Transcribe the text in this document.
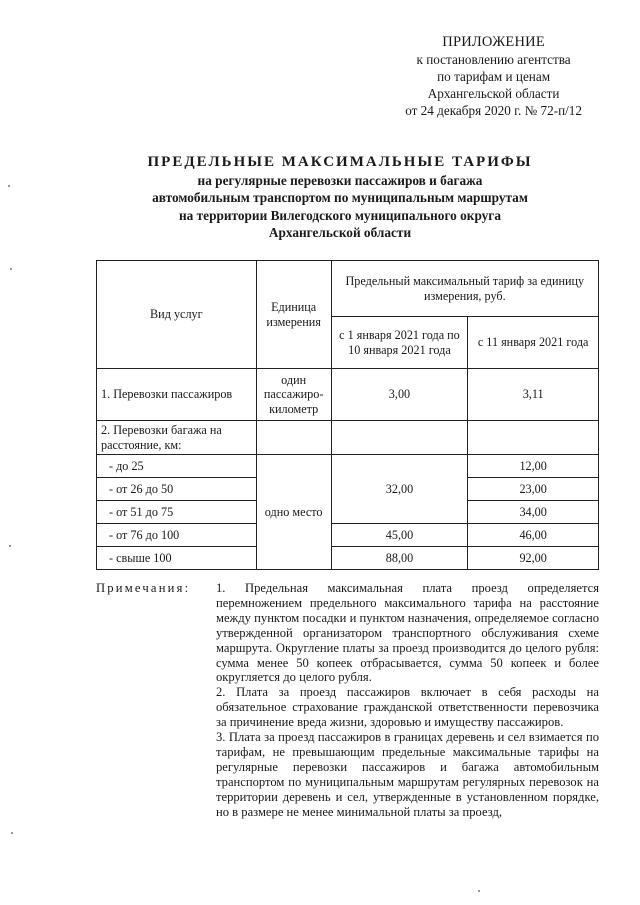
ПРИЛОЖЕНИЕ
к постановлению агентства
по тарифам и ценам
Архангельской области
от 24 декабря 2020 г. № 72-п/12
ПРЕДЕЛЬНЫЕ МАКСИМАЛЬНЫЕ ТАРИФЫ
на регулярные перевозки пассажиров и багажа
автомобильным транспортом по муниципальным маршрутам
на территории Вилегодского муниципального округа
Архангельской области
Вид услуг	Единица измерения	Предельный максимальный тариф за единицу измерения, руб.	
		с 1 января 2021 года по 10 января 2021 года	с 11 января 2021 года
1. Перевозки пассажиров	один пассажиро-километр	3,00	3,11
2. Перевозки багажа на расстояние, км:			
- до 25	одно место	32,00	12,00
- от 26 до 50			23,00
- от 51 до 75			34,00
- от 76 до 100		45,00	46,00
- свыше 100		88,00	92,00
Примечания: 1. Предельная максимальная плата проезд определяется перемножением предельного максимального тарифа на расстояние между пунктом посадки и пунктом назначения, определяемое согласно утвержденной организатором транспортного обслуживания схеме маршрута. Округление платы за проезд производится до целого рубля: сумма менее 50 копеек отбрасывается, сумма 50 копеек и более округляется до целого рубля.

2. Плата за проезд пассажиров включает в себя расходы на обязательное страхование гражданской ответственности перевозчика за причинение вреда жизни, здоровью и имуществу пассажиров.

3. Плата за проезд пассажиров в границах деревень и сел взимается по тарифам, не превышающим предельные максимальные тарифы на регулярные перевозки пассажиров и багажа автомобильным транспортом по муниципальным маршрутам регулярных перевозок на территории деревень и сел, утвержденные в установленном порядке, но в размере не менее минимальной платы за проезд,
